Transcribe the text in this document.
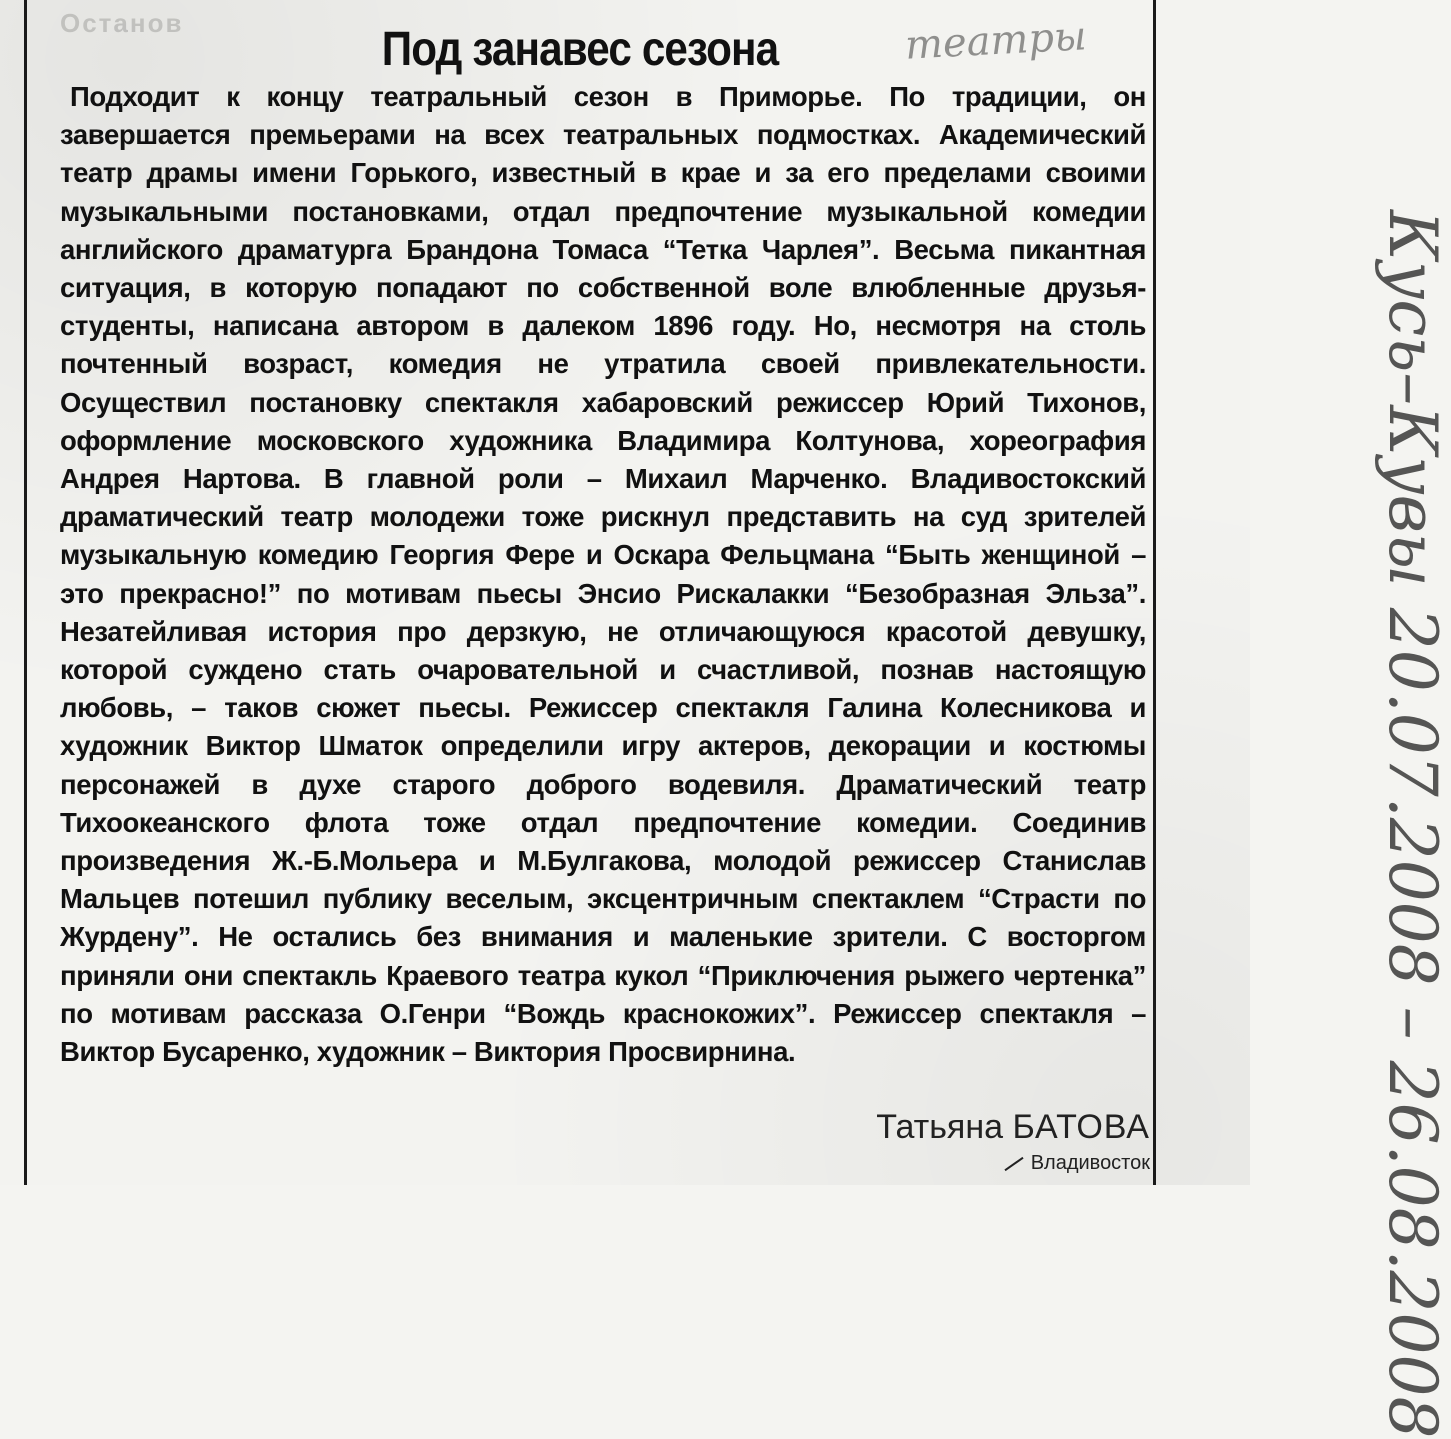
Останов	Под занавес сезона	театры

Подходит к концу театральный сезон в Приморье. По традиции, он завершается премьерами на всех театральных подмостках. Академический театр драмы имени Горького, известный в крае и за его пределами своими музыкальными постановками, отдал предпочтение музыкальной комедии английского драматурга Брандона Томаса “Тетка Чарлея”. Весьма пикантная ситуация, в которую попадают по собственной воле влюбленные друзья-студенты, написана автором в далеком 1896 году. Но, несмотря на столь почтенный возраст, комедия не утратила своей привлекательности. Осуществил постановку спектакля хабаровский режиссер Юрий Тихонов, оформление московского художника Владимира Колтунова, хореография Андрея Нартова. В главной роли – Михаил Марченко. Владивостокский драматический театр молодежи тоже рискнул представить на суд зрителей музыкальную комедию Георгия Фере и Оскара Фельцмана “Быть женщиной – это прекрасно!” по мотивам пьесы Энсио Рискалакки “Безобразная Эльза”. Незатейливая история про дерзкую, не отличающуюся красотой девушку, которой суждено стать очаровательной и счастливой, познав настоящую любовь, – таков сюжет пьесы. Режиссер спектакля Галина Колесникова и художник Виктор Шматок определили игру актеров, декорации и костюмы персонажей в духе старого доброго водевиля. Драматический театр Тихоокеанского флота тоже отдал предпочтение комедии. Соединив произведения Ж.-Б.Мольера и М.Булгакова, молодой режиссер Станислав Мальцев потешил публику веселым, эксцентричным спектаклем “Страсти по Журдену”. Не остались без внимания и маленькие зрители. С восторгом приняли они спектакль Краевого театра кукол “Приключения рыжего чертенка” по мотивам рассказа О.Генри “Вождь краснокожих”. Режиссер спектакля – Виктор Бусаренко, художник – Виктория Просвирнина.

Татьяна БАТОВА
Владивосток	Кусь–Кувы 20.07.2008 – 26.08.2008
